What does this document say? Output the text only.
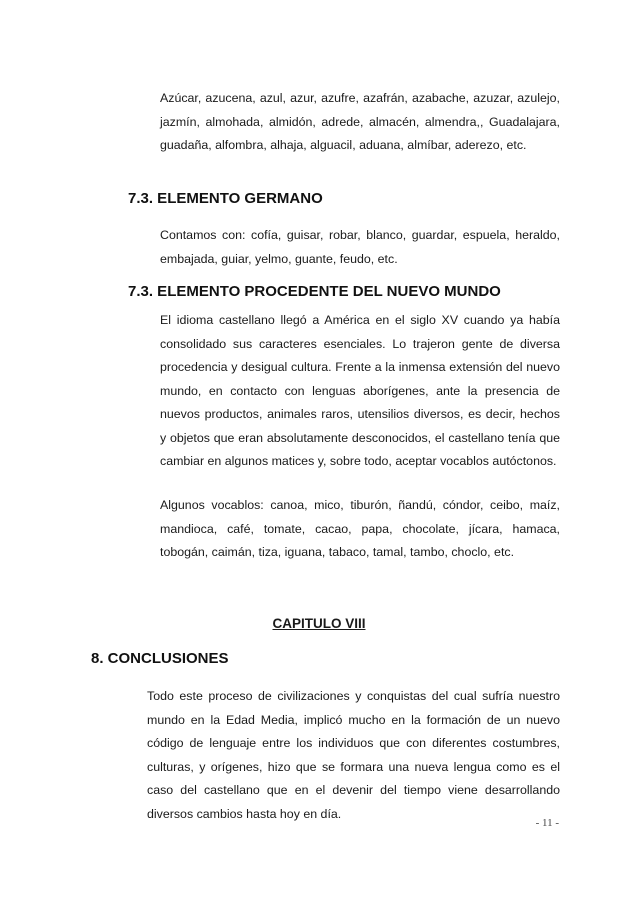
Azúcar, azucena, azul, azur, azufre, azafrán, azabache, azuzar, azulejo, jazmín, almohada, almidón, adrede, almacén, almendra,, Guadalajara, guadaña, alfombra, alhaja, alguacil, aduana, almíbar, aderezo, etc.

7.3. ELEMENTO GERMANO

Contamos con: cofía, guisar, robar, blanco, guardar, espuela, heraldo, embajada, guiar, yelmo, guante, feudo, etc.

7.3. ELEMENTO PROCEDENTE DEL NUEVO MUNDO

El idioma castellano llegó a América en el siglo XV cuando ya había consolidado sus caracteres esenciales. Lo trajeron gente de diversa procedencia y desigual cultura. Frente a la inmensa extensión del nuevo mundo, en contacto con lenguas aborígenes, ante la presencia de nuevos productos, animales raros, utensilios diversos, es decir, hechos y objetos que eran absolutamente desconocidos, el castellano tenía que cambiar en algunos matices y, sobre todo, aceptar vocablos autóctonos.

Algunos vocablos: canoa, mico, tiburón, ñandú, cóndor, ceibo, maíz, mandioca, café, tomate, cacao, papa, chocolate, jícara, hamaca, tobogán, caimán, tiza, iguana, tabaco, tamal, tambo, choclo, etc.

CAPITULO VIII
8. CONCLUSIONES

Todo este proceso de civilizaciones y conquistas del cual sufría nuestro mundo en la Edad Media, implicó mucho en la formación de un nuevo código de lenguaje entre los individuos que con diferentes costumbres, culturas, y orígenes, hizo que se formara una nueva lengua como es el caso del castellano que en el devenir del tiempo viene desarrollando diversos cambios hasta hoy en día.

- 11 -
